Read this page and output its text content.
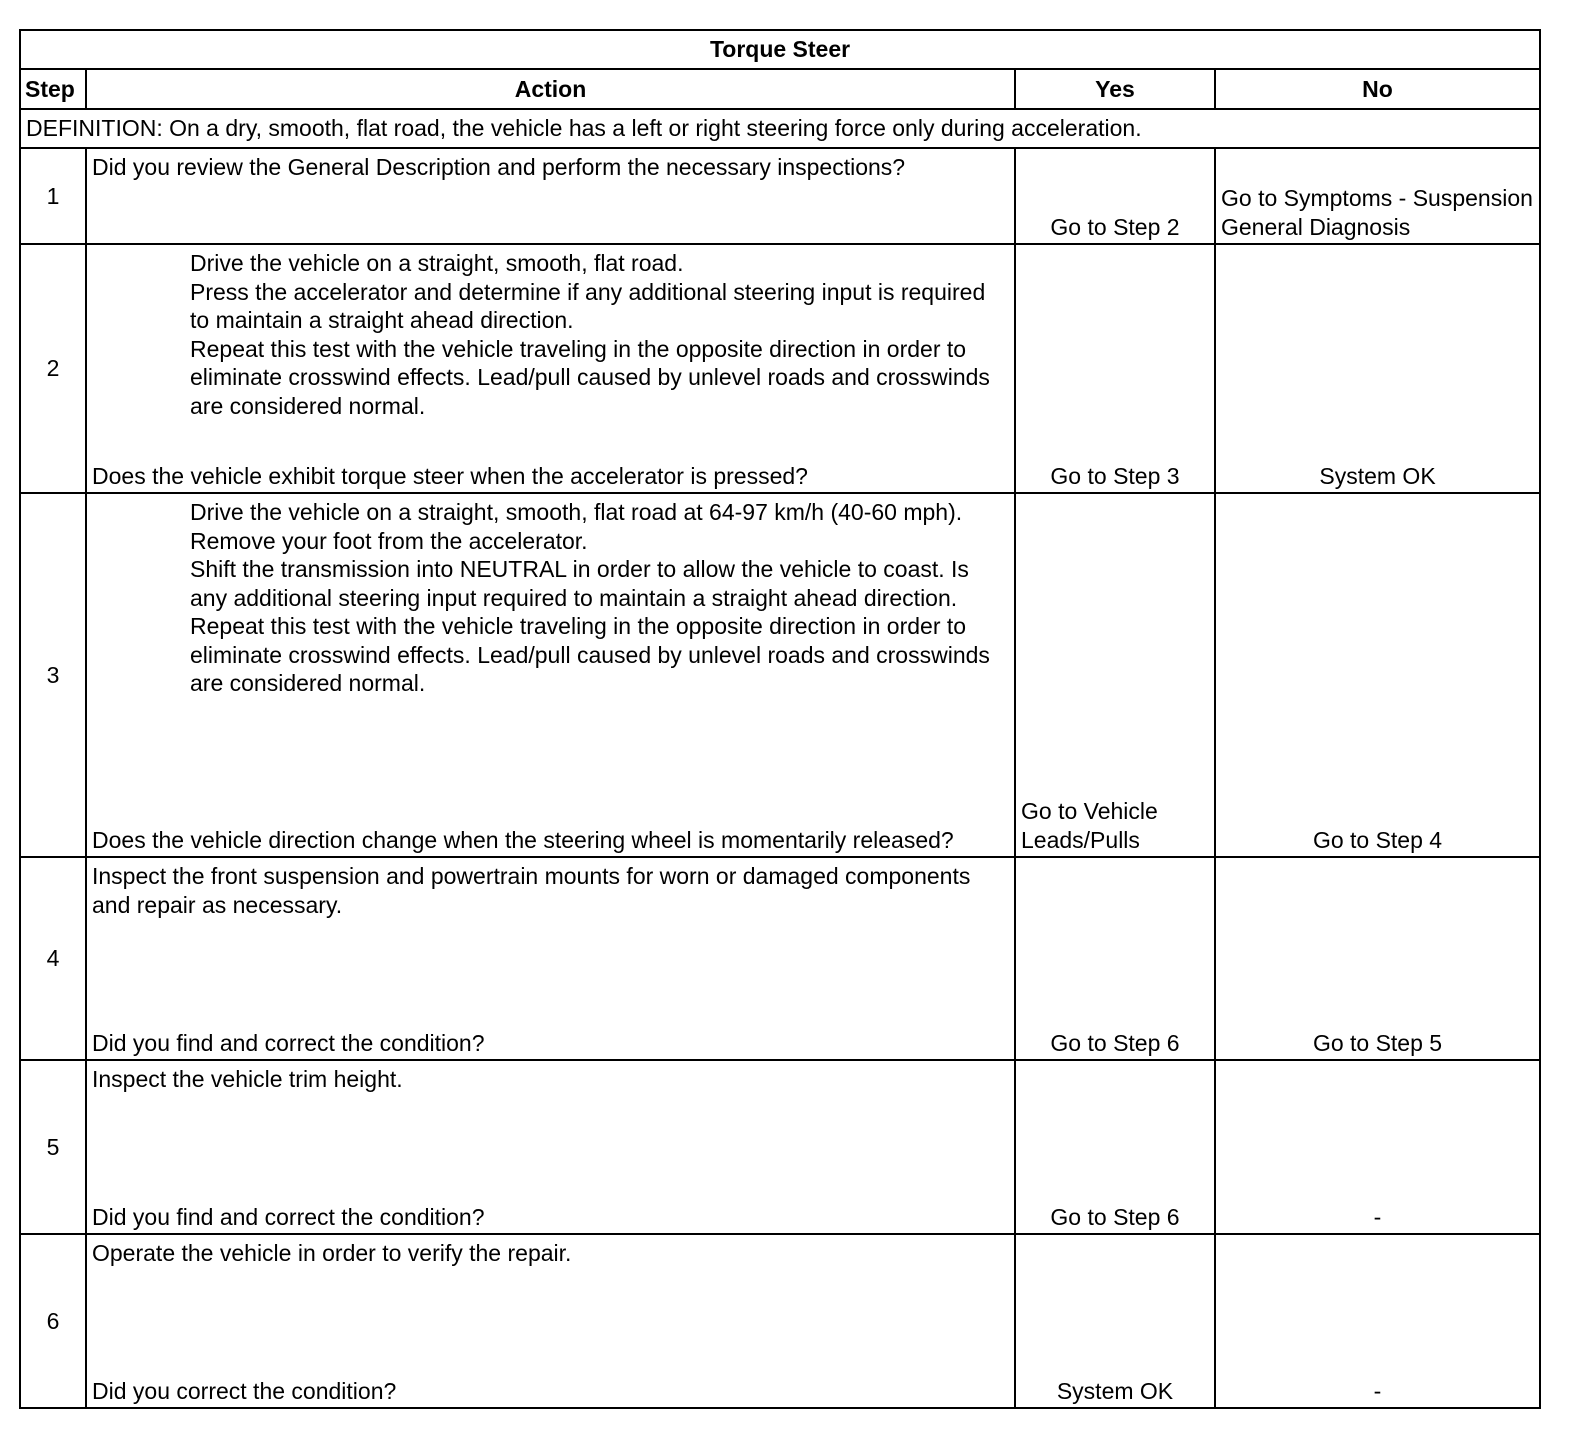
Torque Steer			
Step	Action	Yes	No
DEFINITION: On a dry, smooth, flat road, the vehicle has a left or right steering force only during acceleration.			
1	Did you review the General Description and perform the necessary inspections?	Go to Step 2	Go to Symptoms - Suspension General Diagnosis
2	Drive the vehicle on a straight, smooth, flat road.
Press the accelerator and determine if any additional steering input is required to maintain a straight ahead direction.
Repeat this test with the vehicle traveling in the opposite direction in order to eliminate crosswind effects. Lead/pull caused by unlevel roads and crosswinds are considered normal.
Does the vehicle exhibit torque steer when the accelerator is pressed?	Go to Step 3	System OK
3	Drive the vehicle on a straight, smooth, flat road at 64-97 km/h (40-60 mph).
Remove your foot from the accelerator.
Shift the transmission into NEUTRAL in order to allow the vehicle to coast. Is any additional steering input required to maintain a straight ahead direction.
Repeat this test with the vehicle traveling in the opposite direction in order to eliminate crosswind effects. Lead/pull caused by unlevel roads and crosswinds are considered normal.
Does the vehicle direction change when the steering wheel is momentarily released?	Go to Vehicle Leads/Pulls	Go to Step 4
4	Inspect the front suspension and powertrain mounts for worn or damaged components and repair as necessary.
Did you find and correct the condition?	Go to Step 6	Go to Step 5
5	Inspect the vehicle trim height.
Did you find and correct the condition?	Go to Step 6	-
6	Operate the vehicle in order to verify the repair.
Did you correct the condition?	System OK	-
